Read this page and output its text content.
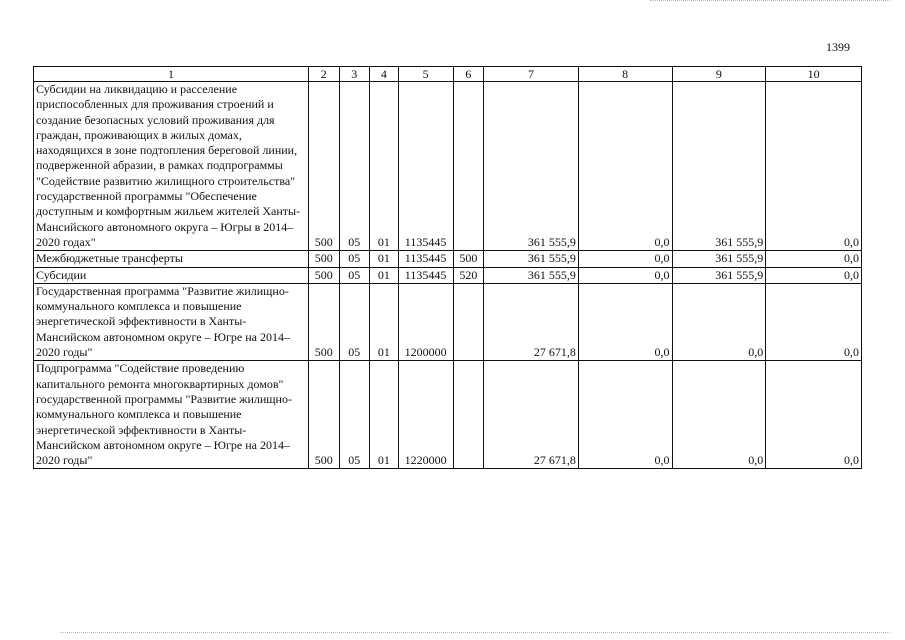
1399
1	2	3	4	5	6	7	8	9	10
Субсидии на ликвидацию и расселение приспособленных для проживания строений и создание безопасных условий проживания для граждан, проживающих в жилых домах, находящихся в зоне подтопления береговой линии, подверженной абразии, в рамках подпрограммы "Содействие развитию жилищного строительства" государственной программы "Обеспечение доступным и комфортным жильем жителей Ханты-Мансийского автономного округа – Югры в 2014–2020 годах"	500	05	01	1135445		361 555,9	0,0	361 555,9	0,0
Межбюджетные трансферты	500	05	01	1135445	500	361 555,9	0,0	361 555,9	0,0
Субсидии	500	05	01	1135445	520	361 555,9	0,0	361 555,9	0,0
Государственная программа "Развитие жилищно-коммунального комплекса и повышение энергетической эффективности в Ханты-Мансийском автономном округе – Югре на 2014–2020 годы"	500	05	01	1200000		27 671,8	0,0	0,0	0,0
Подпрограмма "Содействие проведению капитального ремонта многоквартирных домов" государственной программы "Развитие жилищно-коммунального комплекса и повышение энергетической эффективности в Ханты-Мансийском автономном округе – Югре на 2014–2020 годы"	500	05	01	1220000		27 671,8	0,0	0,0	0,0
